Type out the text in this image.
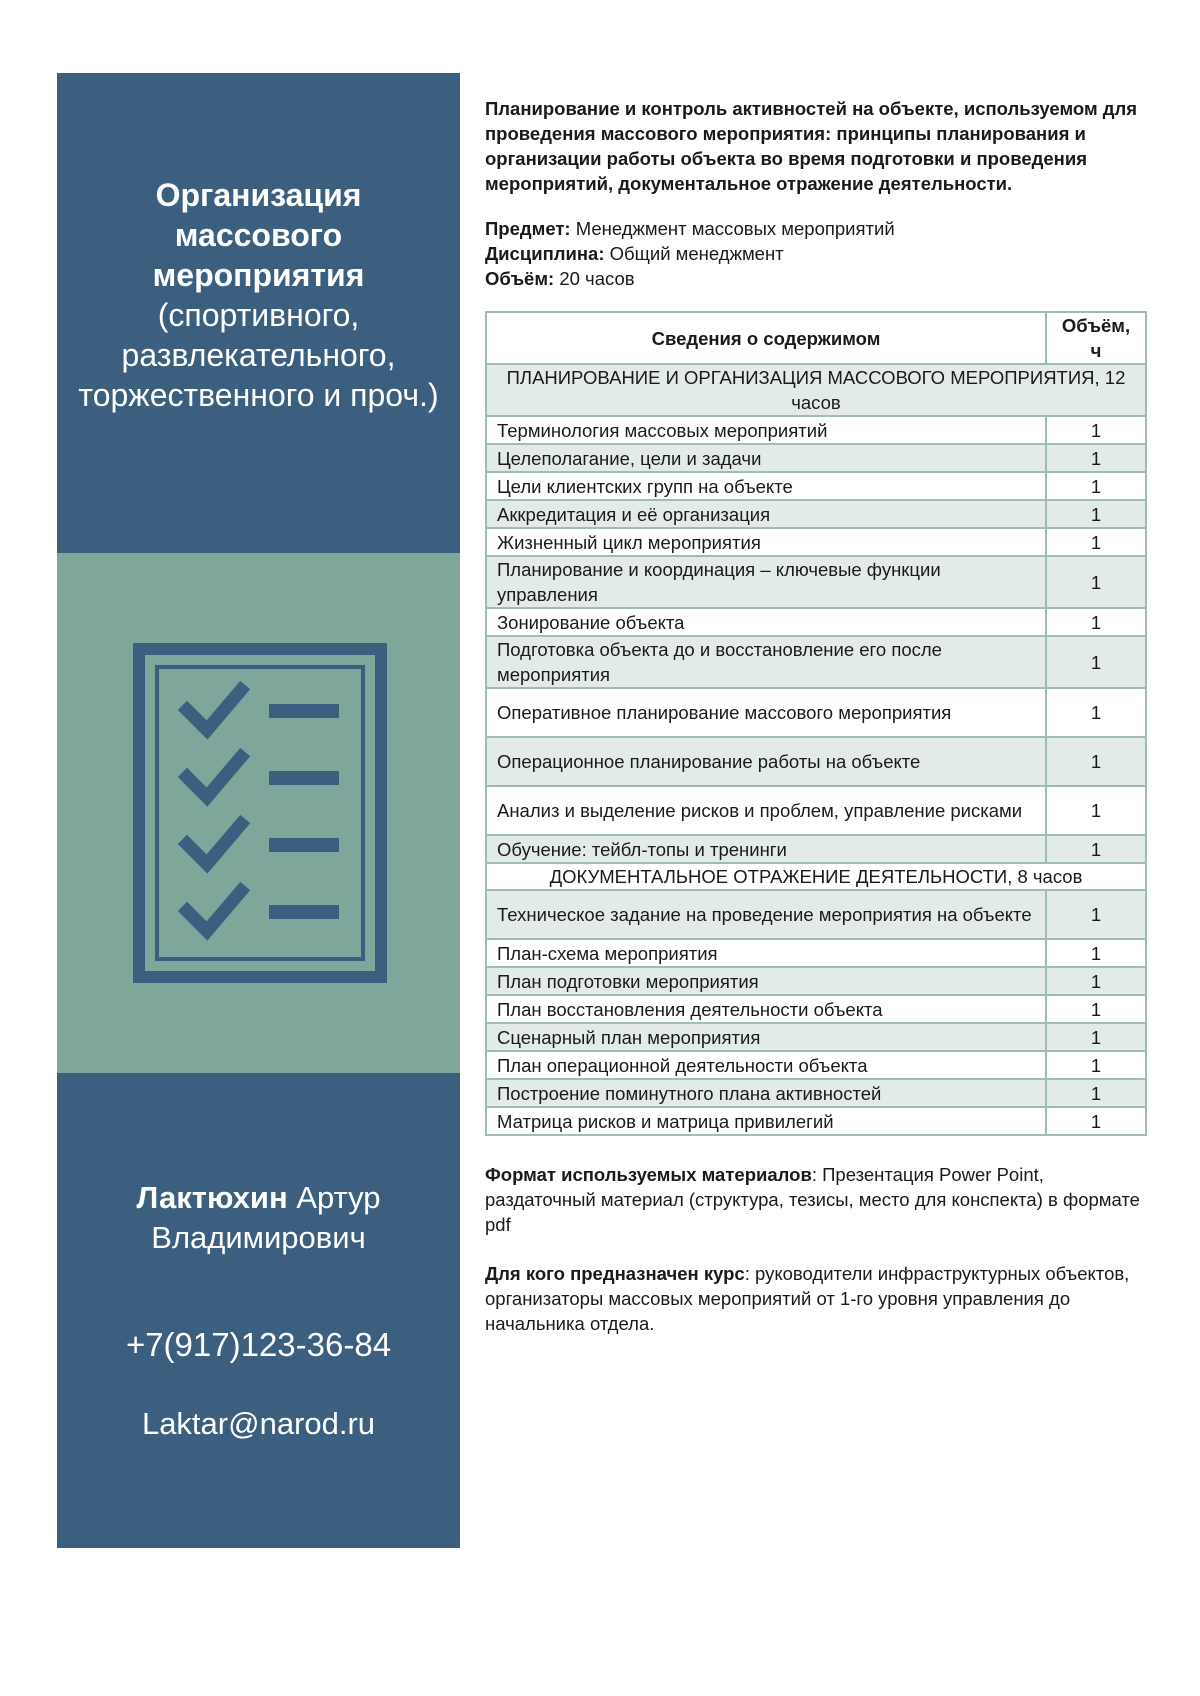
Организация массового мероприятия
(спортивного, развлекательного, торжественного и проч.)
Лактюхин Артур Владимирович
+7(917)123-36-84
Laktar@narod.ru

Планирование и контроль активностей на объекте, используемом для проведения массового мероприятия: принципы планирования и организации работы объекта во время подготовки и проведения мероприятий, документальное отражение деятельности.

Предмет: Менеджмент массовых мероприятий

Дисциплина: Общий менеджмент

Объём: 20 часов

Сведения о содержимом	Объём, ч
ПЛАНИРОВАНИЕ И ОРГАНИЗАЦИЯ МАССОВОГО МЕРОПРИЯТИЯ, 12 часов	
Терминология массовых мероприятий	1
Целеполагание, цели и задачи	1
Цели клиентских групп на объекте	1
Аккредитация и её организация	1
Жизненный цикл мероприятия	1
Планирование и координация – ключевые функции управления	1
Зонирование объекта	1
Подготовка объекта до и восстановление его после мероприятия	1
Оперативное планирование массового мероприятия	1
Операционное планирование работы на объекте	1
Анализ и выделение рисков и проблем, управление рисками	1
Обучение: тейбл-топы и тренинги	1
ДОКУМЕНТАЛЬНОЕ ОТРАЖЕНИЕ ДЕЯТЕЛЬНОСТИ, 8 часов	
Техническое задание на проведение мероприятия на объекте	1
План-схема мероприятия	1
План подготовки мероприятия	1
План восстановления деятельности объекта	1
Сценарный план мероприятия	1
План операционной деятельности объекта	1
Построение поминутного плана активностей	1
Матрица рисков и матрица привилегий	1

Формат используемых материалов: Презентация Power Point, раздаточный материал (структура, тезисы, место для конспекта) в формате pdf

Для кого предназначен курс: руководители инфраструктурных объектов, организаторы массовых мероприятий от 1-го уровня управления до начальника отдела.
